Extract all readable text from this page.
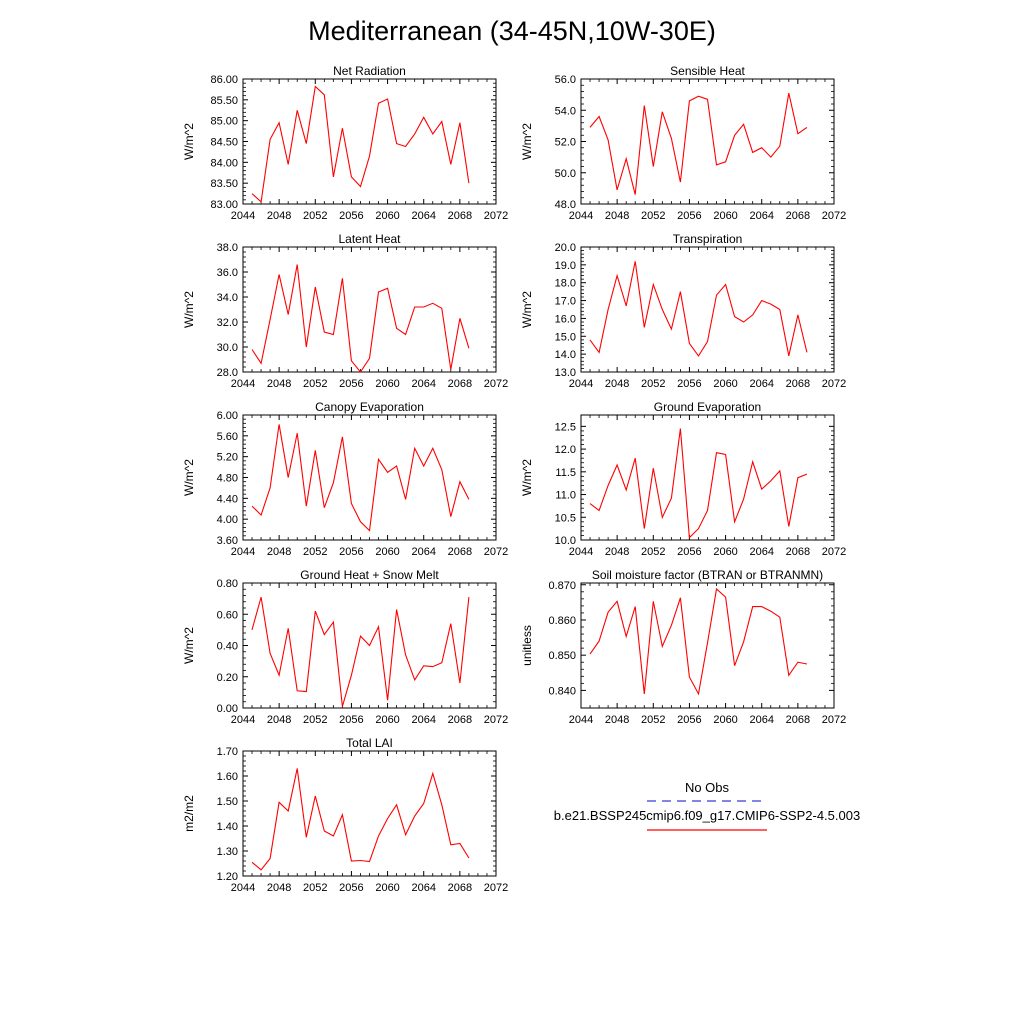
Mediterranean (34-45N,10W-30E)
Net Radiation
W/m^2
2044 2048 2052 2056 2060 2064 2068 2072
83.00
83.50
84.00
84.50
85.00
85.50
86.00
Sensible Heat
W/m^2
2044 2048 2052 2056 2060 2064 2068 2072
48.0
50.0
52.0
54.0
56.0
Latent Heat
W/m^2
2044 2048 2052 2056 2060 2064 2068 2072
28.0
30.0
32.0
34.0
36.0
38.0
Transpiration
W/m^2
2044 2048 2052 2056 2060 2064 2068 2072
13.0
14.0
15.0
16.0
17.0
18.0
19.0
20.0
Canopy Evaporation
W/m^2
2044 2048 2052 2056 2060 2064 2068 2072
3.60
4.00
4.40
4.80
5.20
5.60
6.00
Ground Evaporation
W/m^2
2044 2048 2052 2056 2060 2064 2068 2072
10.0
10.5
11.0
11.5
12.0
12.5
Ground Heat + Snow Melt
W/m^2
2044 2048 2052 2056 2060 2064 2068 2072
0.00
0.20
0.40
0.60
0.80
Soil moisture factor (BTRAN or BTRANMN)
unitless
2044 2048 2052 2056 2060 2064 2068 2072
0.840
0.850
0.860
0.870
Total LAI
m2/m2
2044 2048 2052 2056 2060 2064 2068 2072
1.20
1.30
1.40
1.50
1.60
1.70
No Obs
b.e21.BSSP245cmip6.f09_g17.CMIP6-SSP2-4.5.003
